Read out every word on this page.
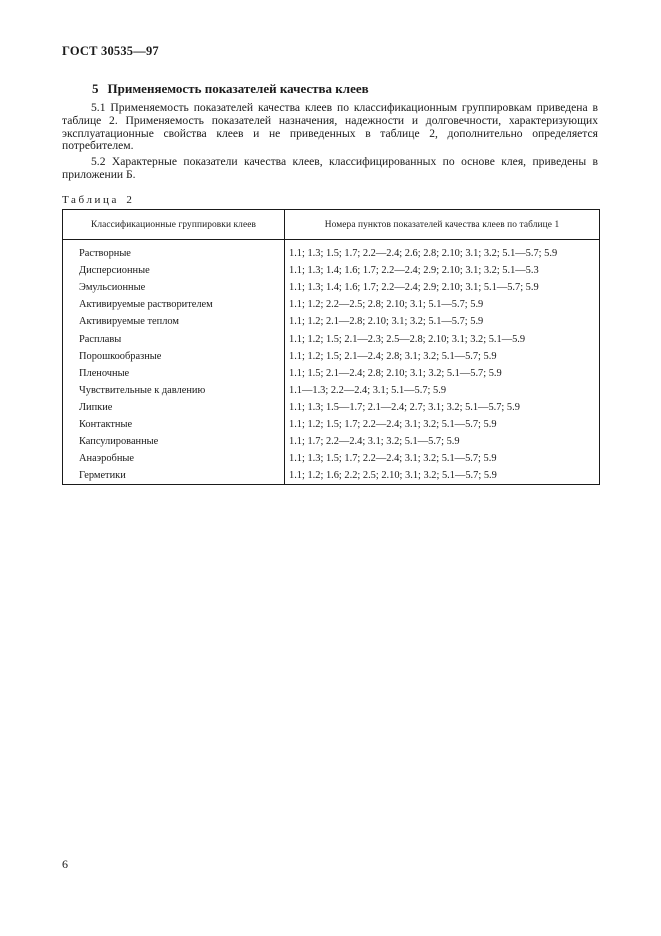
ГОСТ 30535—97
5 Применяемость показателей качества клеев
5.1 Применяемость показателей качества клеев по классификационным группировкам приведена в таблице 2. Применяемость показателей назначения, надежности и долговечности, характеризующих эксплуатационные свойства клеев и не приведенных в таблице 2, дополнительно определяется потребителем.
5.2 Характерные показатели качества клеев, классифицированных по основе клея, приведены в приложении Б.
Таблица 2
Классификационные группировки клеев	Номера пунктов показателей качества клеев по таблице 1

Растворные	1.1; 1.3; 1.5; 1.7; 2.2—2.4; 2.6; 2.8; 2.10; 3.1; 3.2; 5.1—5.7; 5.9
Дисперсионные	1.1; 1.3; 1.4; 1.6; 1.7; 2.2—2.4; 2.9; 2.10; 3.1; 3.2; 5.1—5.3
Эмульсионные	1.1; 1.3; 1.4; 1.6; 1.7; 2.2—2.4; 2.9; 2.10; 3.1; 5.1—5.7; 5.9
Активируемые растворителем	1.1; 1.2; 2.2—2.5; 2.8; 2.10; 3.1; 5.1—5.7; 5.9
Активируемые теплом	1.1; 1.2; 2.1—2.8; 2.10; 3.1; 3.2; 5.1—5.7; 5.9
Расплавы	1.1; 1.2; 1.5; 2.1—2.3; 2.5—2.8; 2.10; 3.1; 3.2; 5.1—5.9
Порошкообразные	1.1; 1.2; 1.5; 2.1—2.4; 2.8; 3.1; 3.2; 5.1—5.7; 5.9
Пленочные	1.1; 1.5; 2.1—2.4; 2.8; 2.10; 3.1; 3.2; 5.1—5.7; 5.9
Чувствительные к давлению	1.1—1.3; 2.2—2.4; 3.1; 5.1—5.7; 5.9
Липкие	1.1; 1.3; 1.5—1.7; 2.1—2.4; 2.7; 3.1; 3.2; 5.1—5.7; 5.9
Контактные	1.1; 1.2; 1.5; 1.7; 2.2—2.4; 3.1; 3.2; 5.1—5.7; 5.9
Капсулированные	1.1; 1.7; 2.2—2.4; 3.1; 3.2; 5.1—5.7; 5.9
Анаэробные	1.1; 1.3; 1.5; 1.7; 2.2—2.4; 3.1; 3.2; 5.1—5.7; 5.9
Герметики	1.1; 1.2; 1.6; 2.2; 2.5; 2.10; 3.1; 3.2; 5.1—5.7; 5.9
6
